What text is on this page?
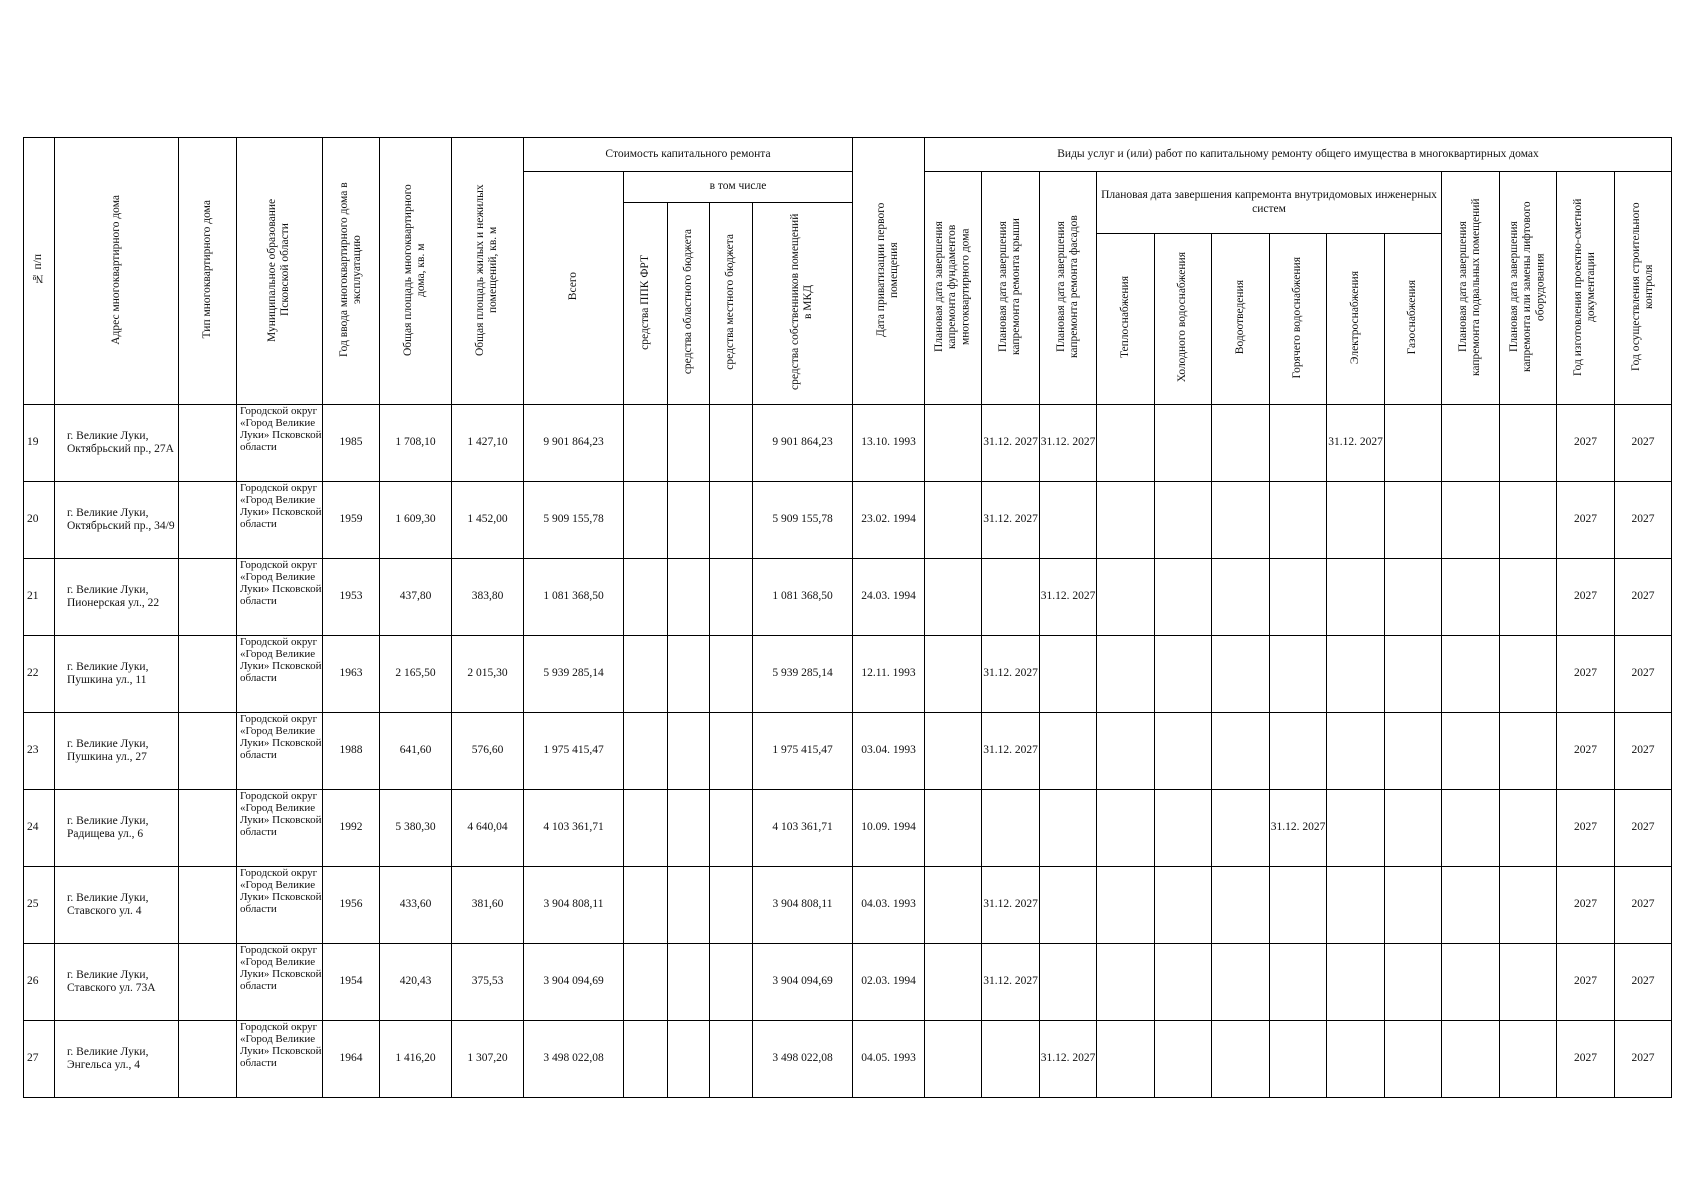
№ п/п	Адрес многоквартирного дома	Тип многоквартирного дома	Муниципальное образование Псковской области	Год ввода многоквартирного дома в эксплуатацию	Общая площадь многоквартирного дома, кв. м	Общая площадь жилых и нежилых помещений, кв. м	Стоимость капитального ремонта					Дата приватизации первого помещения	Виды услуг и (или) работ по капитальному ремонту общего имущества в многоквартирных домах												
							Всего	в том числе					Плановая дата завершения капремонта фундаментов многоквартирного дома	Плановая дата завершения капремонта ремонта крыши	Плановая дата завершения капремонта ремонта фасадов	Плановая дата завершения капремонта внутридомовых инженерных систем						Плановая дата завершения капремонта подвальных помещений	Плановая дата завершения капремонта или замены лифтового оборудования	Год изготовления проектно-сметной документации	Год осуществления строительного контроля
								средства ППК ФРТ	средства областного бюджета	средства местного бюджета	средства собственников помещений в МКД														
																Теплоснабжения	Холодного водоснабжения	Водоотведения	Горячего водоснабжения	Электроснабжения	Газоснабжения				
19	г. Великие Луки, Октябрьский пр., 27А		Городской округ «Город Великие Луки» Псковской области	1985	1 708,10	1 427,10	9 901 864,23				9 901 864,23	13.10. 1993		31.12. 2027	31.12. 2027					31.12. 2027				2027	2027
20	г. Великие Луки, Октябрьский пр., 34/9		Городской округ «Город Великие Луки» Псковской области	1959	1 609,30	1 452,00	5 909 155,78				5 909 155,78	23.02. 1994		31.12. 2027										2027	2027
21	г. Великие Луки, Пионерская ул., 22		Городской округ «Город Великие Луки» Псковской области	1953	437,80	383,80	1 081 368,50				1 081 368,50	24.03. 1994			31.12. 2027									2027	2027
22	г. Великие Луки, Пушкина ул., 11		Городской округ «Город Великие Луки» Псковской области	1963	2 165,50	2 015,30	5 939 285,14				5 939 285,14	12.11. 1993		31.12. 2027										2027	2027
23	г. Великие Луки, Пушкина ул., 27		Городской округ «Город Великие Луки» Псковской области	1988	641,60	576,60	1 975 415,47				1 975 415,47	03.04. 1993		31.12. 2027										2027	2027
24	г. Великие Луки, Радищева ул., 6		Городской округ «Город Великие Луки» Псковской области	1992	5 380,30	4 640,04	4 103 361,71				4 103 361,71	10.09. 1994							31.12. 2027					2027	2027
25	г. Великие Луки, Ставского ул. 4		Городской округ «Город Великие Луки» Псковской области	1956	433,60	381,60	3 904 808,11				3 904 808,11	04.03. 1993		31.12. 2027										2027	2027
26	г. Великие Луки, Ставского ул. 73А		Городской округ «Город Великие Луки» Псковской области	1954	420,43	375,53	3 904 094,69				3 904 094,69	02.03. 1994		31.12. 2027										2027	2027
27	г. Великие Луки, Энгельса ул., 4		Городской округ «Город Великие Луки» Псковской области	1964	1 416,20	1 307,20	3 498 022,08				3 498 022,08	04.05. 1993			31.12. 2027									2027	2027
